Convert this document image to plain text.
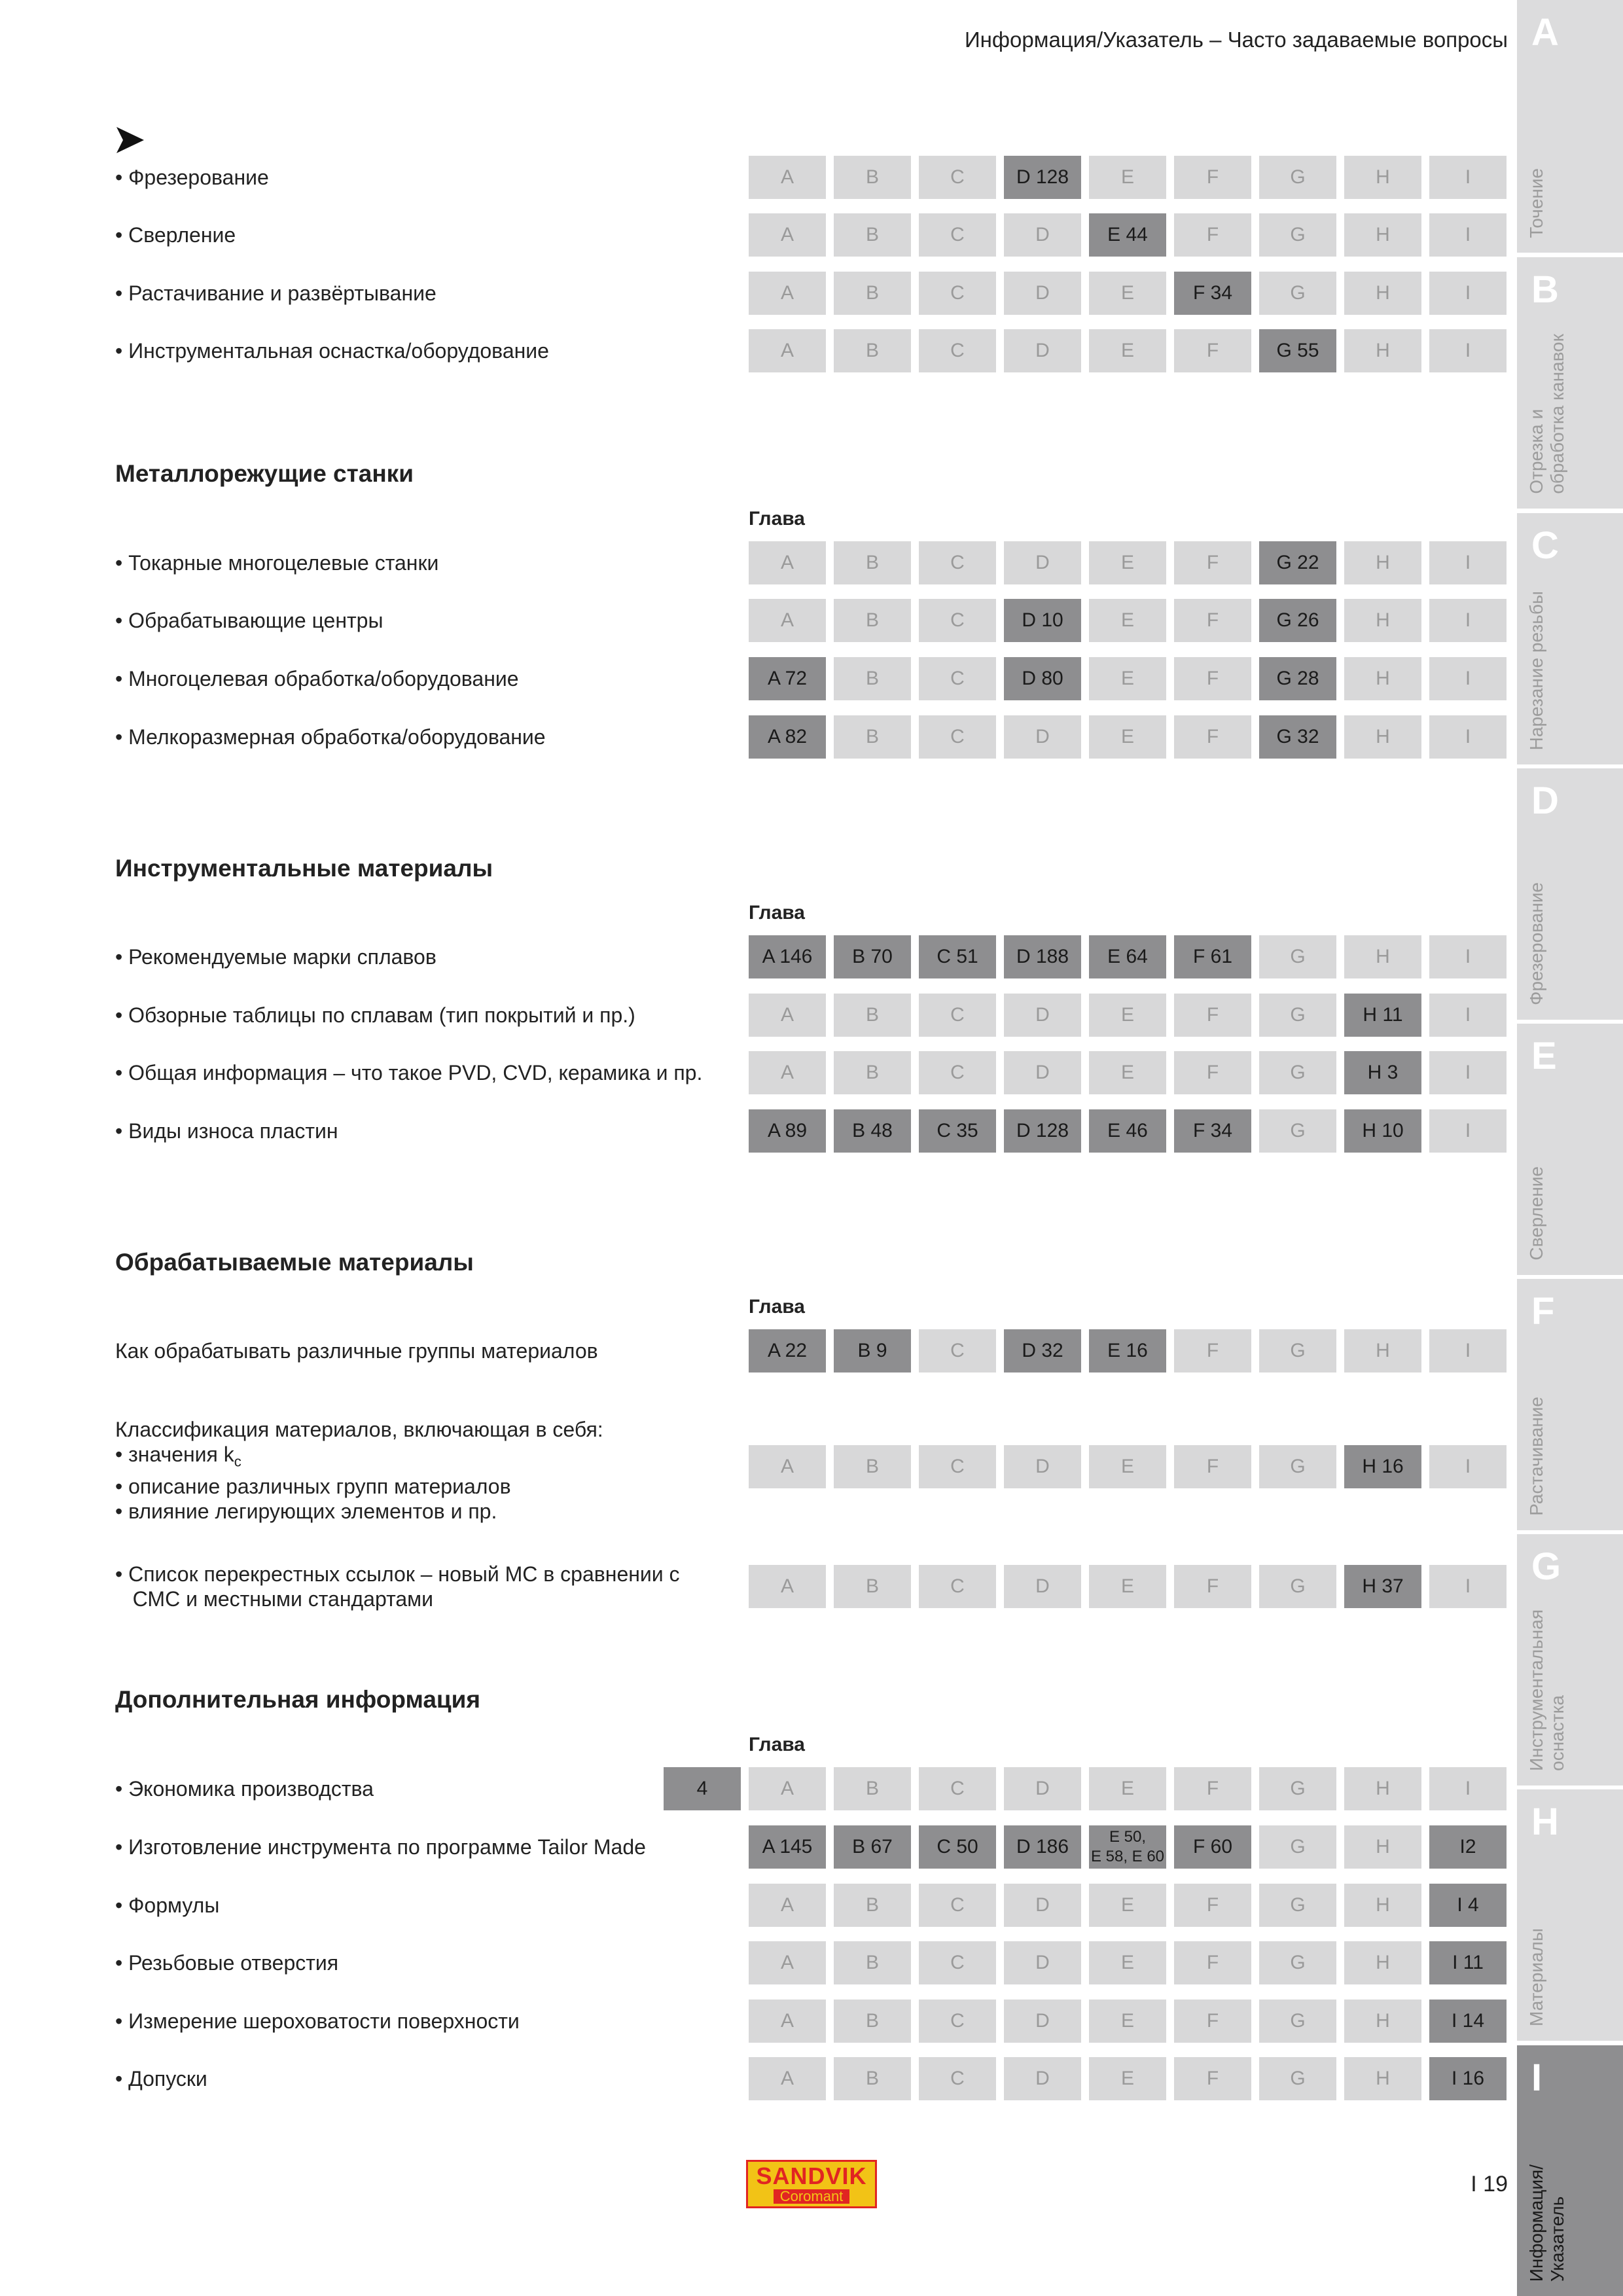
Информация/Указатель – Часто задаваемые вопросы
• Фрезерование	A	B	C	D 128	E	F	G	H	I
• Сверление	A	B	C	D	E 44	F	G	H	I
• Растачивание и развёртывание	A	B	C	D	E	F 34	G	H	I
• Инструментальная оснастка/оборудование	A	B	C	D	E	F	G 55	H	I
Металлорежущие станки
Глава
• Токарные многоцелевые станки	A	B	C	D	E	F	G 22	H	I
• Обрабатывающие центры	A	B	C	D 10	E	F	G 26	H	I
• Многоцелевая обработка/оборудование	A 72	B	C	D 80	E	F	G 28	H	I
• Мелкоразмерная обработка/оборудование	A 82	B	C	D	E	F	G 32	H	I
Инструментальные материалы
Глава
• Рекомендуемые марки сплавов	A 146	B 70	C 51	D 188	E 64	F 61	G	H	I
• Обзорные таблицы по сплавам (тип покрытий и пр.)	A	B	C	D	E	F	G	H 11	I
• Общая информация – что такое PVD, CVD, керамика и пр.	A	B	C	D	E	F	G	H 3	I
• Виды износа пластин	A 89	B 48	C 35	D 128	E 46	F 34	G	H 10	I
Обрабатываемые материалы
Глава
Как обрабатывать различные группы материалов	A 22	B 9	C	D 32	E 16	F	G	H	I
Классификация материалов, включающая в себя:
• значения $k_c$
• описание различных групп материалов
• влияние легирующих элементов и пр.
A	B	C	D	E	F	G	H 16	I
• Список перекрестных ссылок – новый МС в сравнении с
СМС и местными стандартами
A	B	C	D	E	F	G	H 37	I
Дополнительная информация
Глава
• Экономика производства	4	A	B	C	D	E	F	G	H	I
• Изготовление инструмента по программе Tailor Made	A 145	B 67	C 50	D 186	E 50,
E 58, E 60	F 60	G	H	I2
• Формулы	A	B	C	D	E	F	G	H	I 4
• Резьбовые отверстия	A	B	C	D	E	F	G	H	I 11
• Измерение шероховатости поверхности	A	B	C	D	E	F	G	H	I 14
• Допуски	A	B	C	D	E	F	G	H	I 16
A
Точение
B
Отрезка и
обработка канавок
C
Нарезание резьбы
D
Фрезерование
E
Сверление
F
Растачивание
G
Инструментальная
оснастка
H
Материалы
I
Информация/
Указатель
SANDVIK
Coromant	I 19
